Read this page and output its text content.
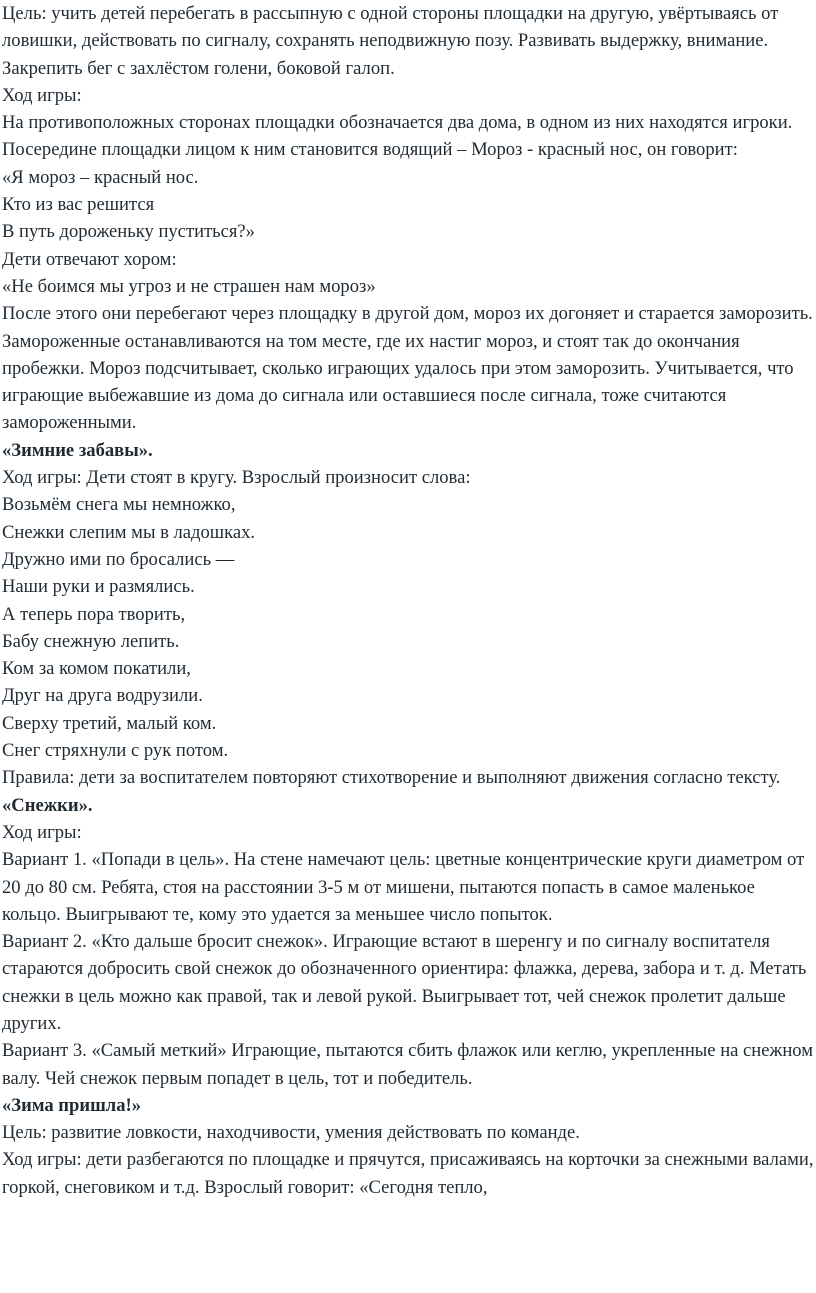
Цель: учить детей перебегать в рассыпную с одной стороны площадки на другую, увёртываясь от ловишки, действовать по сигналу, сохранять неподвижную позу. Развивать выдержку, внимание. Закрепить бег с захлёстом голени, боковой галоп.

Ход игры:

На противоположных сторонах площадки обозначается два дома, в одном из них находятся игроки. Посередине площадки лицом к ним становится водящий – Мороз - красный нос, он говорит:

«Я мороз – красный нос.

Кто из вас решится

В путь дороженьку пуститься?»

Дети отвечают хором:

«Не боимся мы угроз и не страшен нам мороз»

После этого они перебегают через площадку в другой дом, мороз их догоняет и старается заморозить. Замороженные останавливаются на том месте, где их настиг мороз, и стоят так до окончания пробежки. Мороз подсчитывает, сколько играющих удалось при этом заморозить. Учитывается, что играющие выбежавшие из дома до сигнала или оставшиеся после сигнала, тоже считаются замороженными.

«Зимние забавы».

Ход игры: Дети стоят в кругу. Взрослый произносит слова:

Возьмём снега мы немножко,

Снежки слепим мы в ладошках.

Дружно ими по бросались —

Наши руки и размялись.

А теперь пора творить,

Бабу снежную лепить.

Ком за комом покатили,

Друг на друга водрузили.

Сверху третий, малый ком.

Снег стряхнули с рук потом.

Правила: дети за воспитателем повторяют стихотворение и выполняют движения согласно тексту.

«Снежки».

Ход игры:

Вариант 1. «Попади в цель». На стене намечают цель: цветные концентрические круги диаметром от 20 до 80 см. Ребята, стоя на расстоянии 3-5 м от мишени, пытаются попасть в самое маленькое кольцо. Выигрывают те, кому это удается за меньшее число попыток.

Вариант 2. «Кто дальше бросит снежок». Играющие встают в шеренгу и по сигналу воспитателя стараются добросить свой снежок до обозначенного ориентира: флажка, дерева, забора и т. д. Метать снежки в цель можно как правой, так и левой рукой. Выигрывает тот, чей снежок пролетит дальше других.

Вариант 3. «Самый меткий» Играющие, пытаются сбить флажок или кеглю, укрепленные на снежном валу. Чей снежок первым попадет в цель, тот и победитель.

«Зима пришла!»

Цель: развитие ловкости, находчивости, умения действовать по команде.

Ход игры: дети разбегаются по площадке и прячутся, присаживаясь на корточки за снежными валами, горкой, снеговиком и т.д. Взрослый говорит: «Сегодня тепло,
